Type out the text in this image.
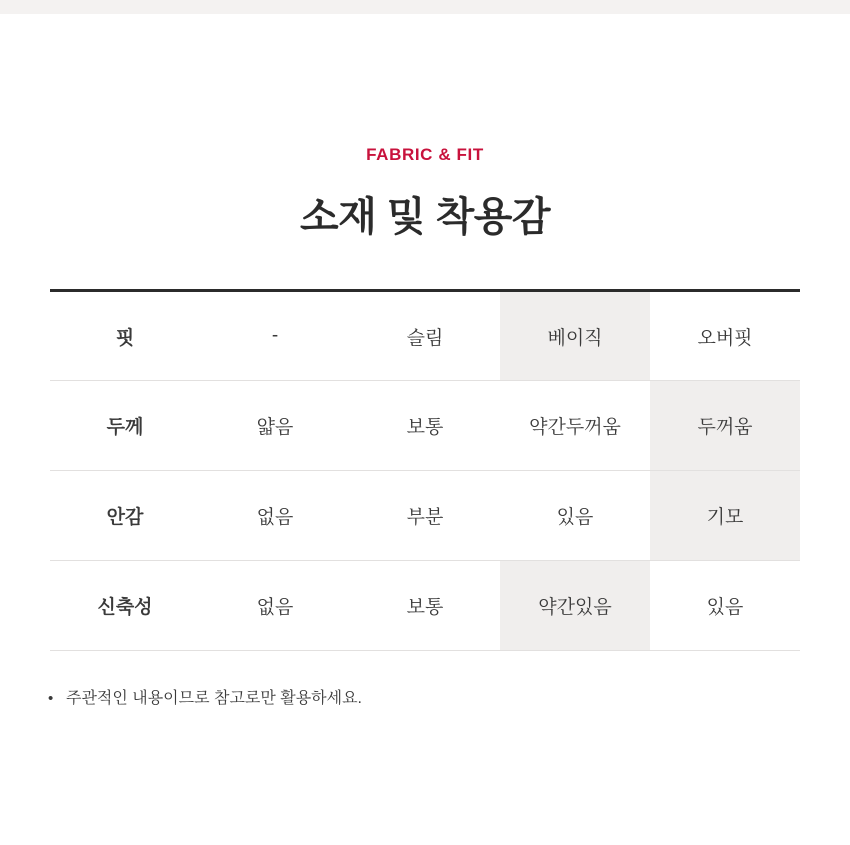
FABRIC & FIT
소재 및 착용감
핏	-	슬림	베이직	오버핏
두께	얇음	보통	약간두꺼움	두꺼움
안감	없음	부분	있음	기모
신축성	없음	보통	약간있음	있음
• 주관적인 내용이므로 참고로만 활용하세요.
